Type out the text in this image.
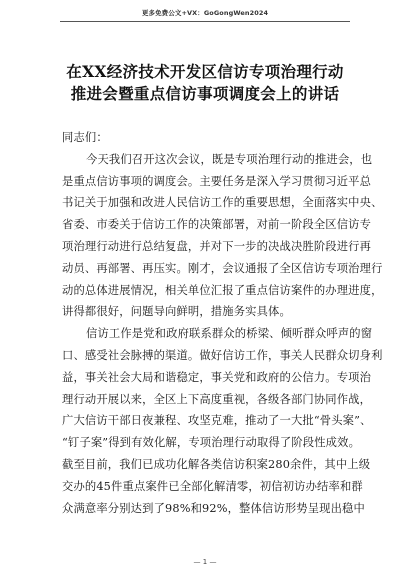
更多免费公文+VX：GoGongWen2024
在XX经济技术开发区信访专项治理行动
推进会暨重点信访事项调度会上的讲话
同志们：
今天我们召开这次会议，既是专项治理行动的推进会，也
是重点信访事项的调度会。主要任务是深入学习贯彻习近平总
书记关于加强和改进人民信访工作的重要思想，全面落实中央、
省委、市委关于信访工作的决策部署，对前一阶段全区信访专
项治理行动进行总结复盘，并对下一步的决战决胜阶段进行再
动员、再部署、再压实。刚才，会议通报了全区信访专项治理行
动的总体进展情况，相关单位汇报了重点信访案件的办理进度，
讲得都很好，问题导向鲜明，措施务实具体。
信访工作是党和政府联系群众的桥梁、倾听群众呼声的窗
口、感受社会脉搏的渠道。做好信访工作，事关人民群众切身利
益，事关社会大局和谐稳定，事关党和政府的公信力。专项治
理行动开展以来，全区上下高度重视，各级各部门协同作战，
广大信访干部日夜兼程、攻坚克难，推动了一大批“骨头案”、
“钉子案”得到有效化解，专项治理行动取得了阶段性成效。
截至目前，我们已成功化解各类信访积案280余件，其中上级
交办的45件重点案件已全部化解清零，初信初访办结率和群
众满意率分别达到了98%和92%，整体信访形势呈现出稳中
— 1 —
